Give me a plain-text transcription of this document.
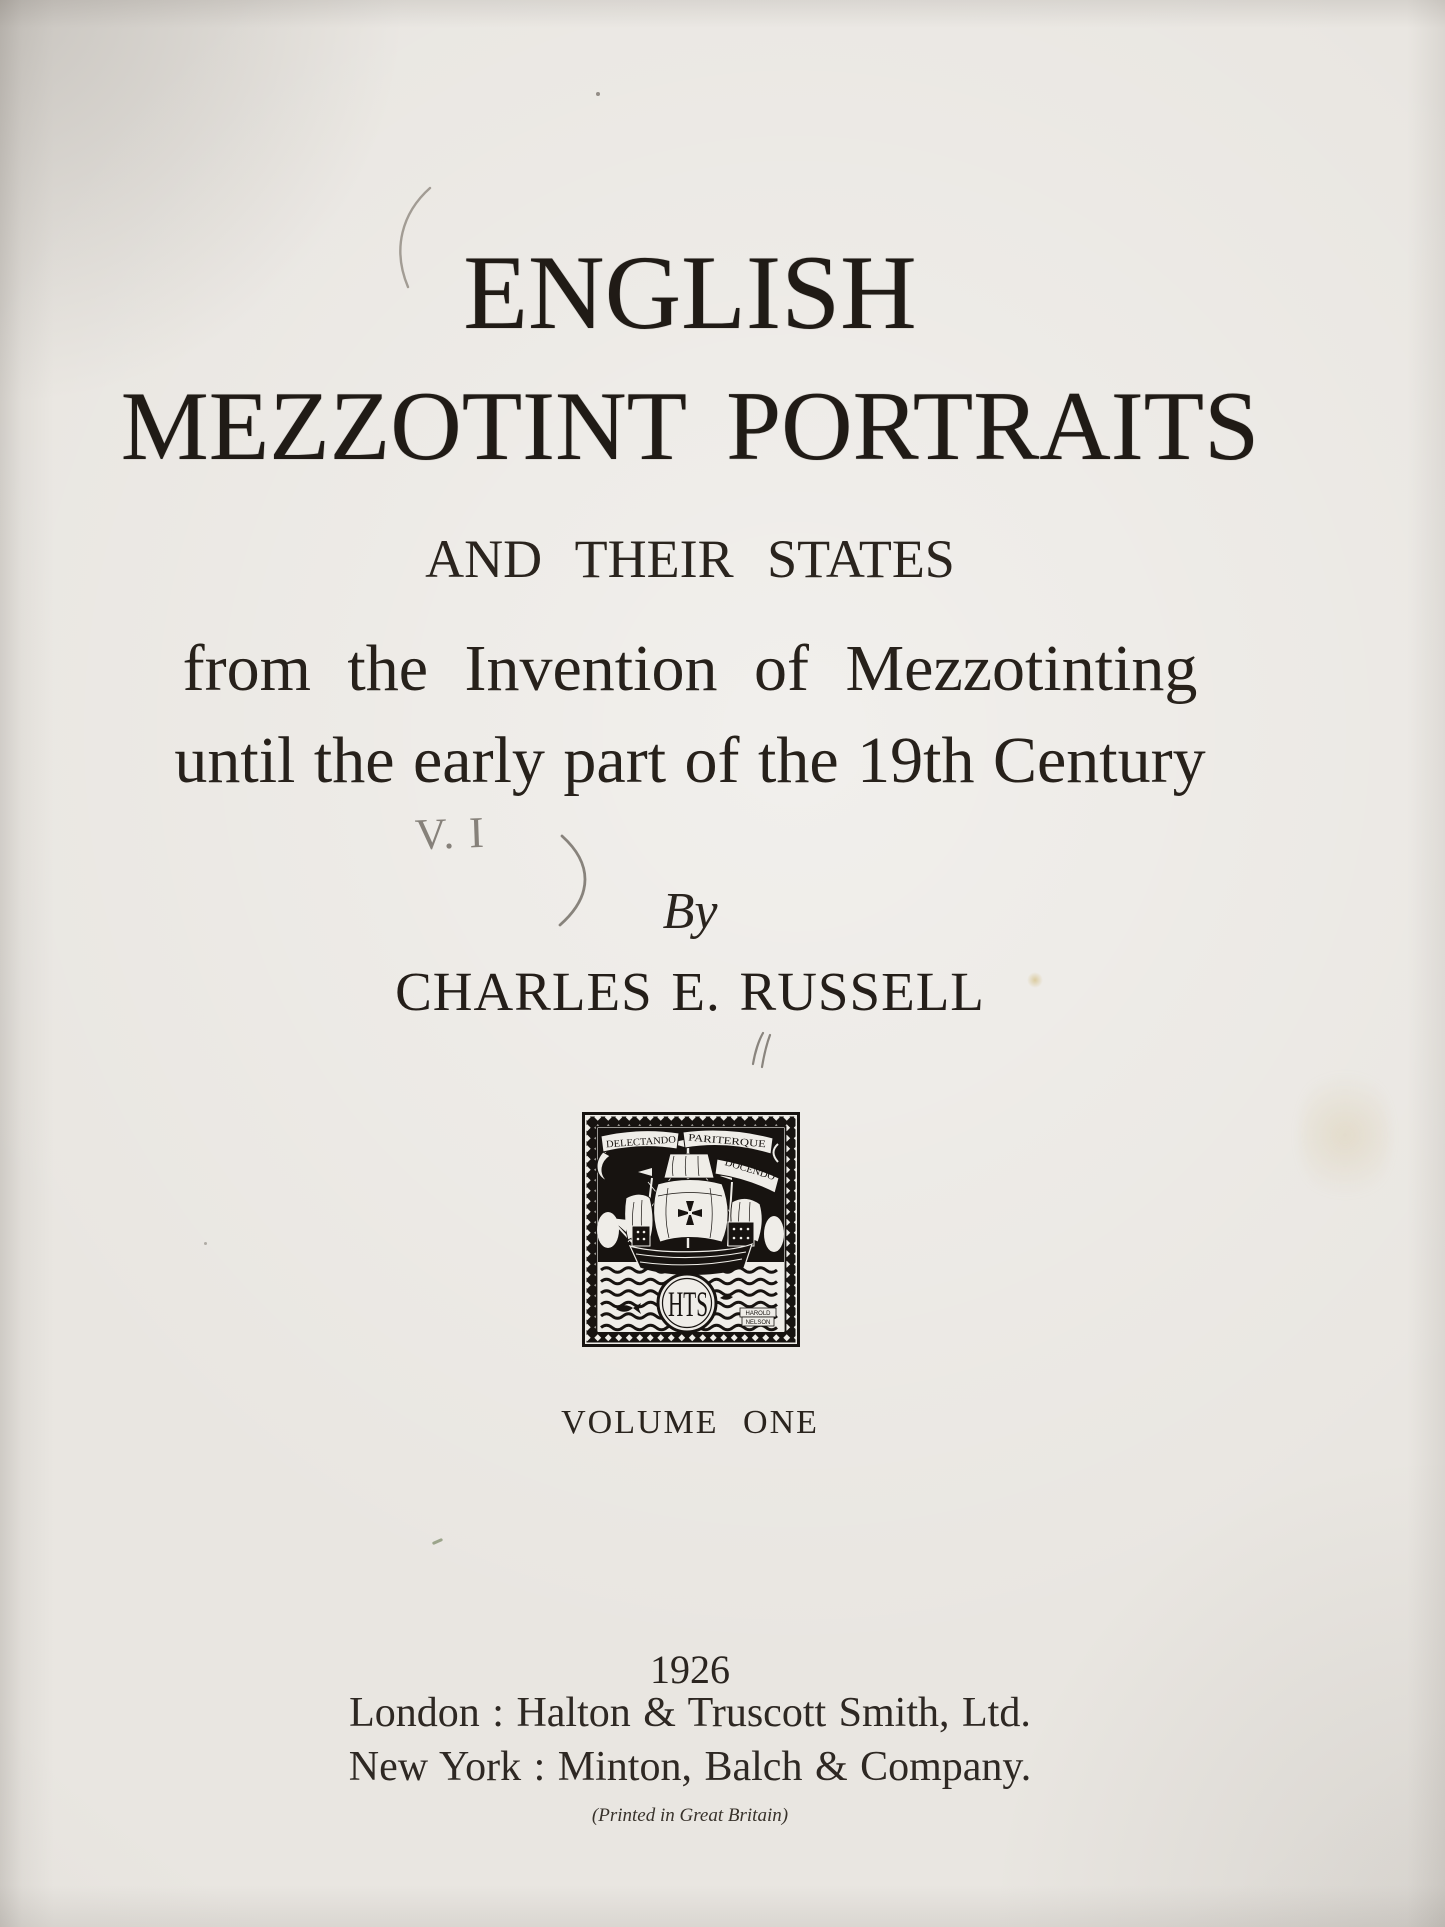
ENGLISH
MEZZOTINT PORTRAITS
AND THEIR STATES
from the Invention of Mezzotinting
until the early part of the 19th Century
By
CHARLES E. RUSSELL
VOLUME ONE
1926
London : Halton & Truscott Smith, Ltd.
New York : Minton, Balch & Company.
(Printed in Great Britain)
V. I
DELECTANDO	PARITERQUE
DOCENDO
HTS	HAROLD
NELSON
